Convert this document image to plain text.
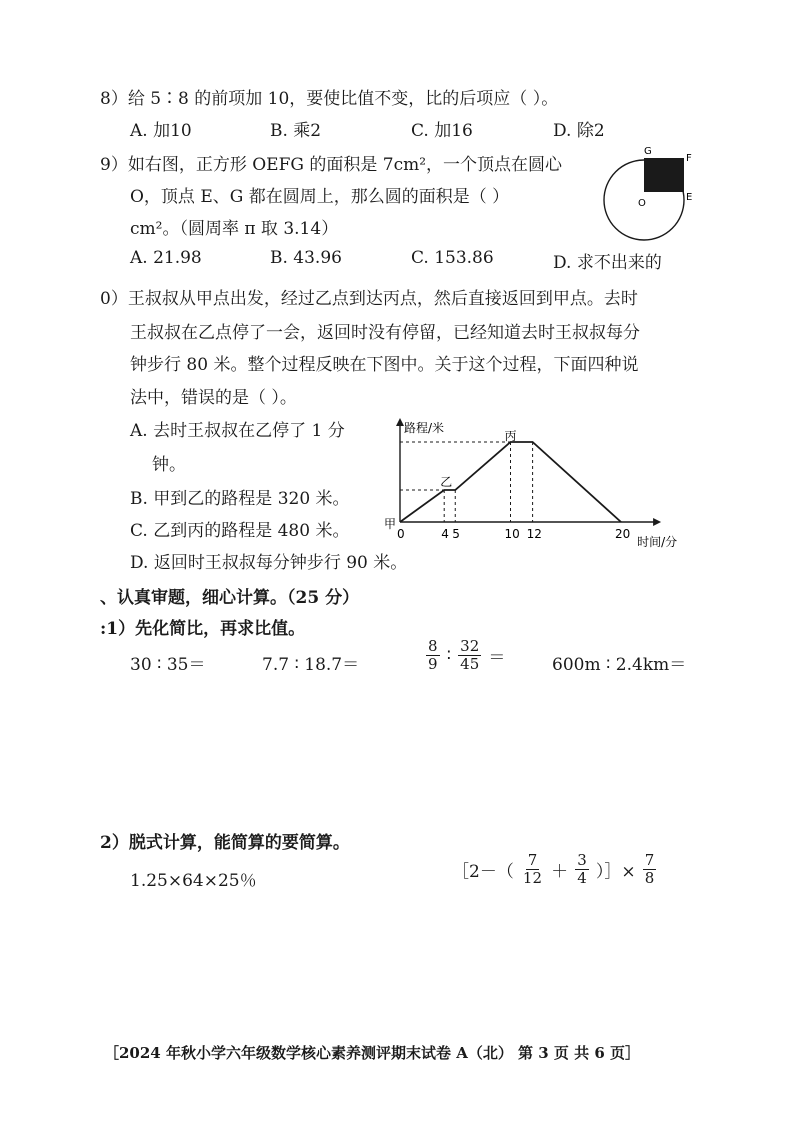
8）给 5∶8 的前项加 10，要使比值不变，比的后项应（ ）。
A. 加10	B. 乘2	C. 加16	D. 除2
9）如右图，正方形 OEFG 的面积是 7cm²，一个顶点在圆心
O，顶点 E、G 都在圆周上，那么圆的面积是（ ）
cm²。（圆周率 π 取 3.14）
A. 21.98	B. 43.96	C. 153.86	D. 求不出来的
G
F
E
O
0）王叔叔从甲点出发，经过乙点到达丙点，然后直接返回到甲点。去时
王叔叔在乙点停了一会，返回时没有停留，已经知道去时王叔叔每分
钟步行 80 米。整个过程反映在下图中。关于这个过程，下面四种说
法中，错误的是（ ）。
A. 去时王叔叔在乙停了 1 分
钟。
B. 甲到乙的路程是 320 米。
C. 乙到丙的路程是 480 米。
D. 返回时王叔叔每分钟步行 90 米。
0	4 5	10 12	20
路程/米
时间/分
甲
乙
丙
、认真审题，细心计算。（25 分）
:1）先化简比，再求比值。
30 ∶ 35＝	7.7 ∶ 18.7＝	$\frac{8}{9}$ ∶ $\frac{32}{45}$ ＝	600m ∶ 2.4km＝
2）脱式计算，能简算的要简算。
1.25×64×25％	［2－（ $\frac{7}{12} + \frac{3}{4}$ ）］× $\frac{7}{8}$
［2024 年秋小学六年级数学核心素养测评期末试卷 A（北） 第 3 页 共 6 页］
